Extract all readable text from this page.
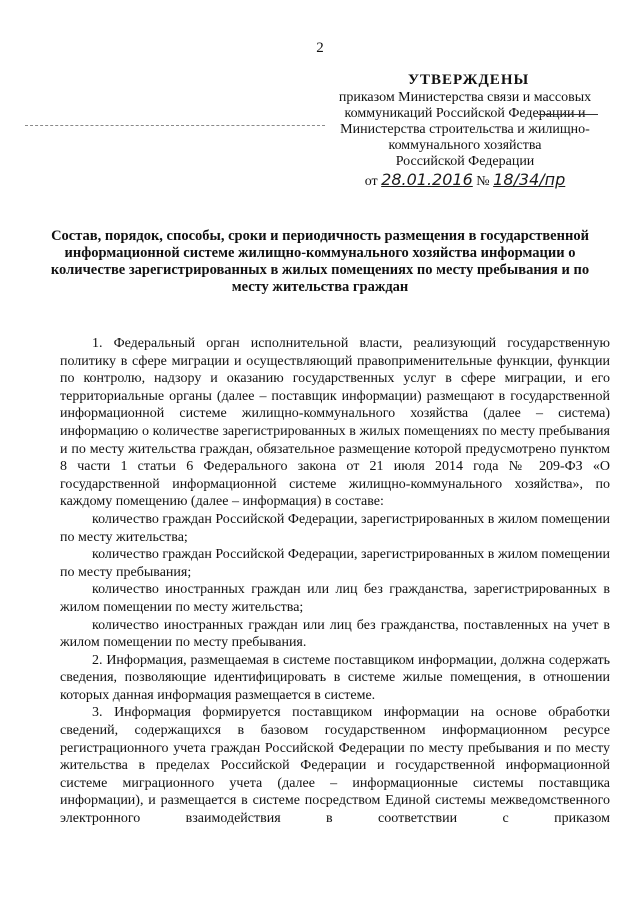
2
УТВЕРЖДЕНЫ
приказом Министерства связи и массовых
коммуникаций Российской Федерации и
Министерства строительства и жилищно-
коммунального хозяйства
Российской Федерации
от 28.01.2016 № 18/34/пр
Состав, порядок, способы, сроки и периодичность размещения в государственной информационной системе жилищно-коммунального хозяйства информации о количестве зарегистрированных в жилых помещениях по месту пребывания и по месту жительства граждан

1. Федеральный орган исполнительной власти, реализующий государственную политику в сфере миграции и осуществляющий правоприменительные функции, функции по контролю, надзору и оказанию государственных услуг в сфере миграции, и его территориальные органы (далее – поставщик информации) размещают в государственной информационной системе жилищно-коммунального хозяйства (далее – система) информацию о количестве зарегистрированных в жилых помещениях по месту пребывания и по месту жительства граждан, обязательное размещение которой предусмотрено пунктом 8 части 1 статьи 6 Федерального закона от 21 июля 2014 года № 209-ФЗ «О государственной информационной системе жилищно-коммунального хозяйства», по каждому помещению (далее – информация) в составе:

количество граждан Российской Федерации, зарегистрированных в жилом помещении по месту жительства;

количество граждан Российской Федерации, зарегистрированных в жилом помещении по месту пребывания;

количество иностранных граждан или лиц без гражданства, зарегистрированных в жилом помещении по месту жительства;

количество иностранных граждан или лиц без гражданства, поставленных на учет в жилом помещении по месту пребывания.

2. Информация, размещаемая в системе поставщиком информации, должна содержать сведения, позволяющие идентифицировать в системе жилые помещения, в отношении которых данная информация размещается в системе.

3. Информация формируется поставщиком информации на основе обработки сведений, содержащихся в базовом государственном информационном ресурсе регистрационного учета граждан Российской Федерации по месту пребывания и по месту жительства в пределах Российской Федерации и государственной информационной системе миграционного учета (далее – информационные системы поставщика информации), и размещается в системе посредством Единой системы межведомственного электронного взаимодействия в соответствии с приказом
